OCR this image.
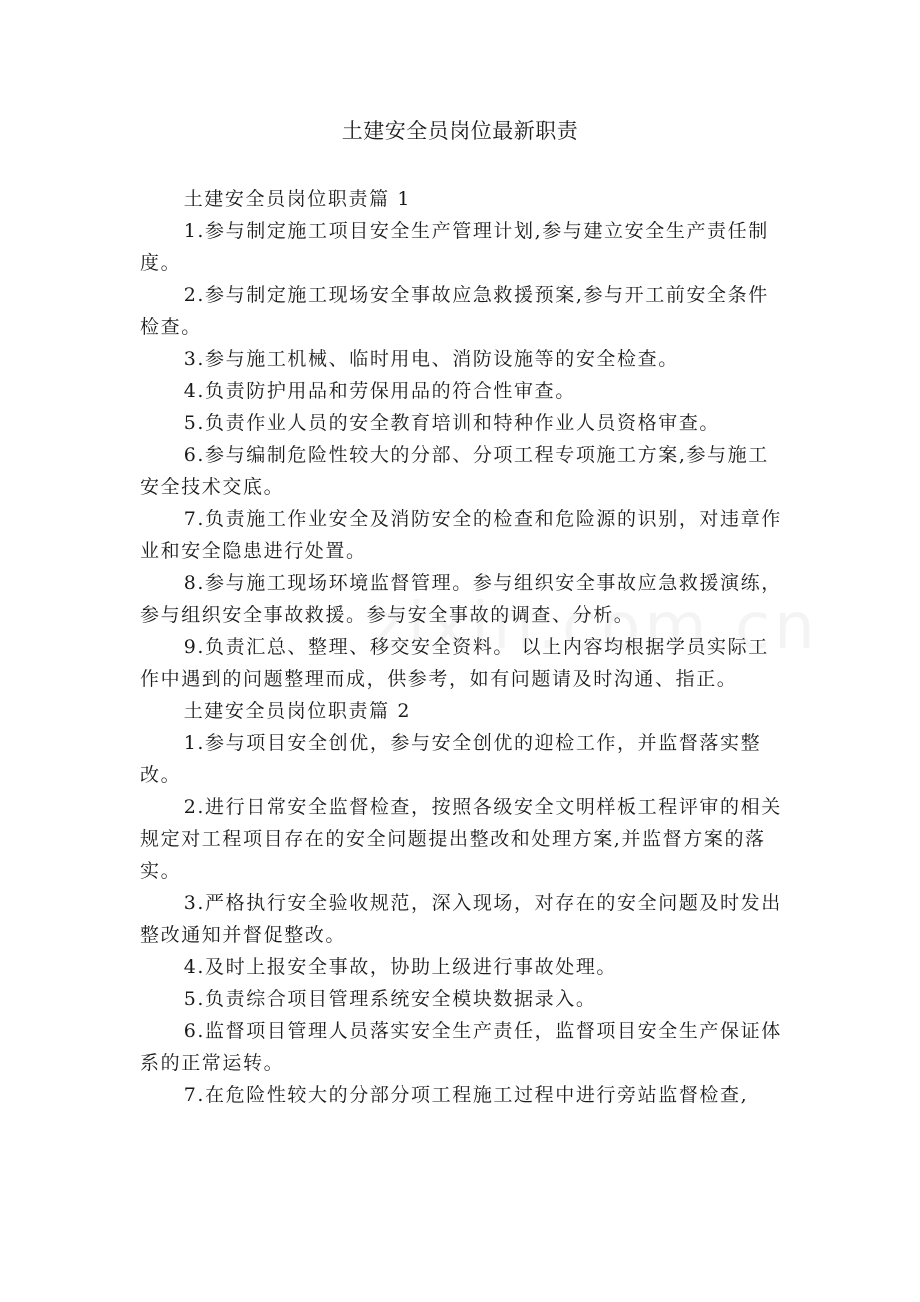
土建安全员岗位最新职责

土建安全员岗位职责篇 1

1.参与制定施工项目安全生产管理计划,参与建立安全生产责任制度。

2.参与制定施工现场安全事故应急救援预案,参与开工前安全条件检查。

3.参与施工机械、临时用电、消防设施等的安全检查。

4.负责防护用品和劳保用品的符合性审查。

5.负责作业人员的安全教育培训和特种作业人员资格审查。

6.参与编制危险性较大的分部、分项工程专项施工方案,参与施工安全技术交底。

7.负责施工作业安全及消防安全的检查和危险源的识别，对违章作业和安全隐患进行处置。

8.参与施工现场环境监督管理。参与组织安全事故应急救援演练，参与组织安全事故救援。参与安全事故的调查、分析。

9.负责汇总、整理、移交安全资料。 以上内容均根据学员实际工作中遇到的问题整理而成，供参考，如有问题请及时沟通、指正。

土建安全员岗位职责篇 2

1.参与项目安全创优，参与安全创优的迎检工作，并监督落实整改。

2.进行日常安全监督检查，按照各级安全文明样板工程评审的相关规定对工程项目存在的安全问题提出整改和处理方案,并监督方案的落实。

3.严格执行安全验收规范，深入现场，对存在的安全问题及时发出整改通知并督促整改。

4.及时上报安全事故，协助上级进行事故处理。

5.负责综合项目管理系统安全模块数据录入。

6.监督项目管理人员落实安全生产责任，监督项目安全生产保证体系的正常运转。

7.在危险性较大的分部分项工程施工过程中进行旁站监督检查,
